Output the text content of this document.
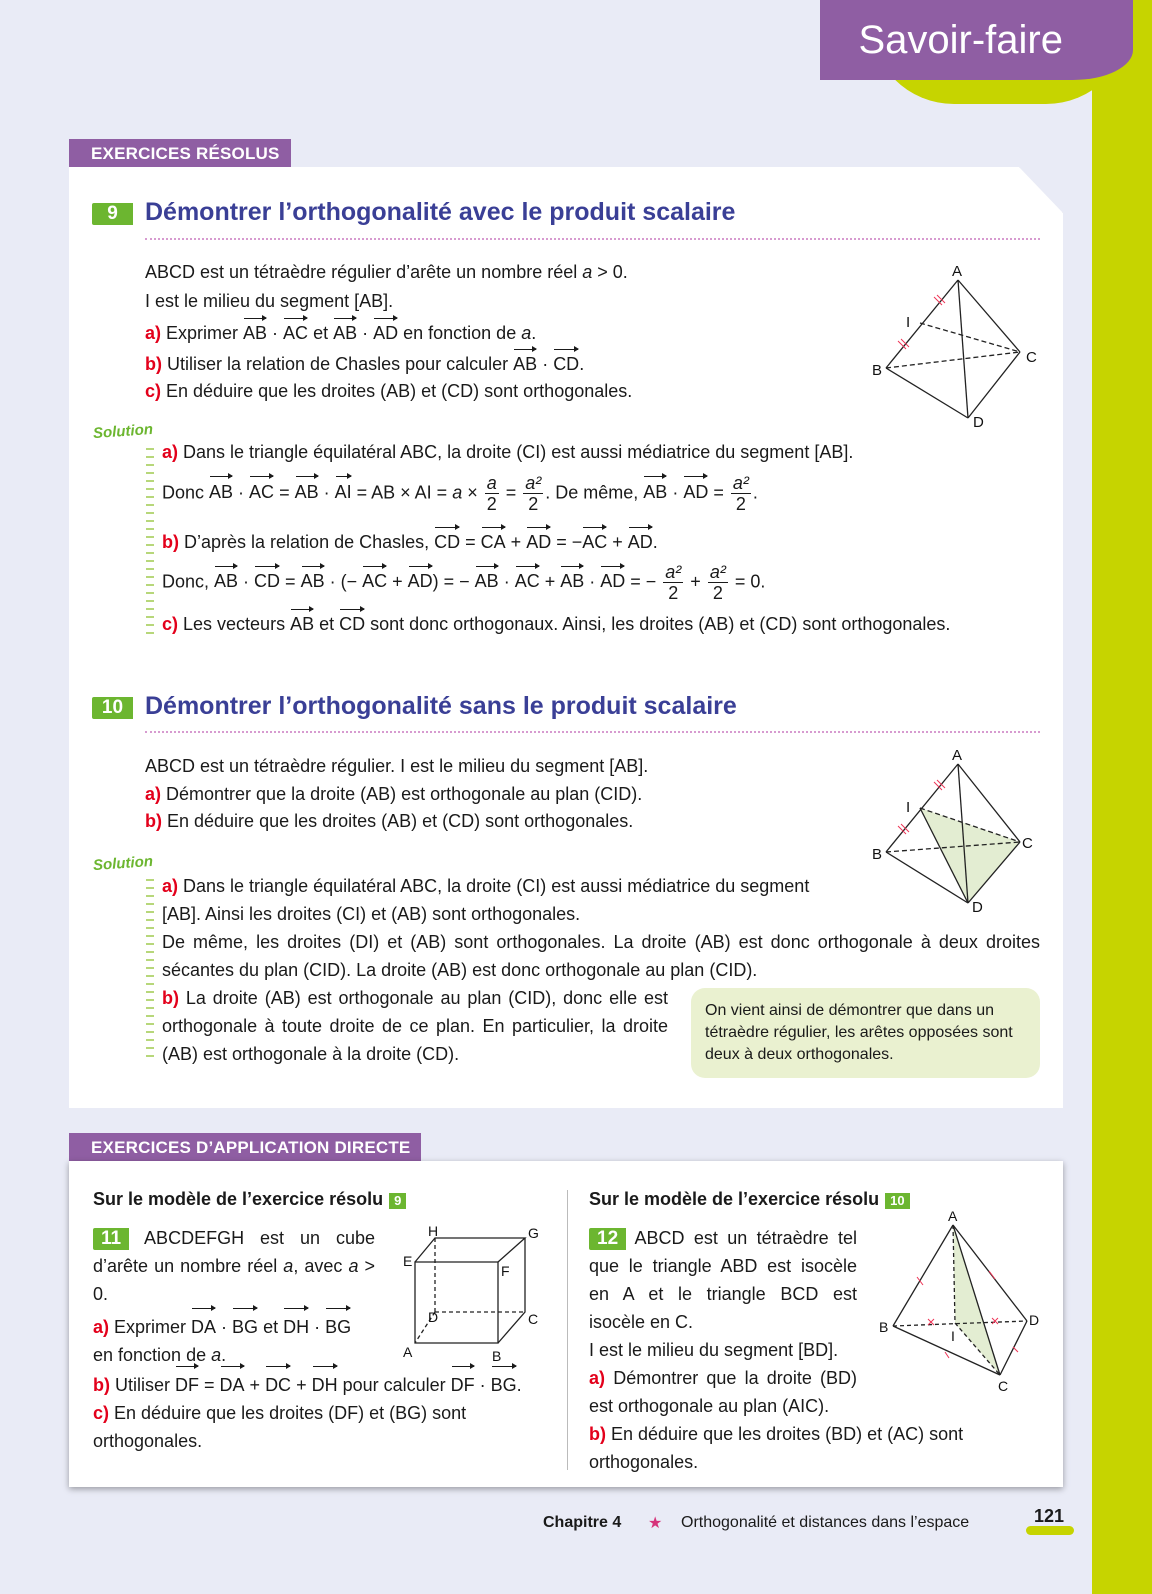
Savoir-faire
EXERCICES RÉSOLUS
9	Démontrer l’orthogonalité avec le produit scalaire
ABCD est un tétraèdre régulier d’arête un nombre réel a > 0.
I est le milieu du segment [AB].
a) Exprimer AB · AC et AB · AD en fonction de a.
b) Utiliser la relation de Chasles pour calculer AB · CD.
c) En déduire que les droites (AB) et (CD) sont orthogonales.
Solution
a) Dans le triangle équilatéral ABC, la droite (CI) est aussi médiatrice du segment [AB].
Donc AB · AC = AB · AI = AB × AI = $a \times \frac{a}{2} = \frac{\text{a²}}{2}$ . De même, AB · AD = $\frac{\text{a²}}{2}$ .
b) D’après la relation de Chasles, CD = CA + AD = −AC + AD.
Donc, AB · CD = AB · (− AC + AD) = − AB · AC + AB · AD = − $\frac{\text{a²}}{2} + \frac{\text{a²}}{2} = 0$.
c) Les vecteurs AB et CD sont donc orthogonaux. Ainsi, les droites (AB) et (CD) sont orthogonales.
A
B
C
D
I
10 Démontrer l’orthogonalité sans le produit scalaire
ABCD est un tétraèdre régulier. I est le milieu du segment [AB].
a) Démontrer que la droite (AB) est orthogonale au plan (CID).
b) En déduire que les droites (AB) et (CD) sont orthogonales.
Solution
a) Dans le triangle équilatéral ABC, la droite (CI) est aussi médiatrice du segment
[AB]. Ainsi les droites (CI) et (AB) sont orthogonales.
De même, les droites (DI) et (AB) sont orthogonales. La droite (AB) est donc orthogonale à deux droites sécantes du plan (CID). La droite (AB) est donc orthogonale au plan (CID).
b) La droite (AB) est orthogonale au plan (CID), donc elle est orthogonale à toute droite de ce plan. En particulier, la droite (AB) est orthogonale à la droite (CD).
On vient ainsi de démontrer que dans un tétraèdre régulier, les arêtes opposées sont deux à deux orthogonales.
A
B
C
D
I
EXERCICES D’APPLICATION DIRECTE
Sur le modèle de l’exercice résolu 9
11 ABCDEFGH est un cube d’arête un nombre réel a, avec a > 0.
a) Exprimer DA · BG et DH · BG en fonction de a.
b) Utiliser DF = DA + DC + DH pour calculer DF · BG.
c) En déduire que les droites (DF) et (BG) sont orthogonales.
A	B
C
D
E
F
G
H
Sur le modèle de l’exercice résolu 10
12 ABCD est un tétraèdre tel que le triangle ABD est isocèle en A et le triangle BCD est isocèle en C.
I est le milieu du segment [BD].
a) Démontrer que la droite (BD) est orthogonale au plan (AIC).
b) En déduire que les droites (BD) et (AC) sont orthogonales.
A
B
C
D
I
Chapitre 4 ★ Orthogonalité et distances dans l’espace	121
